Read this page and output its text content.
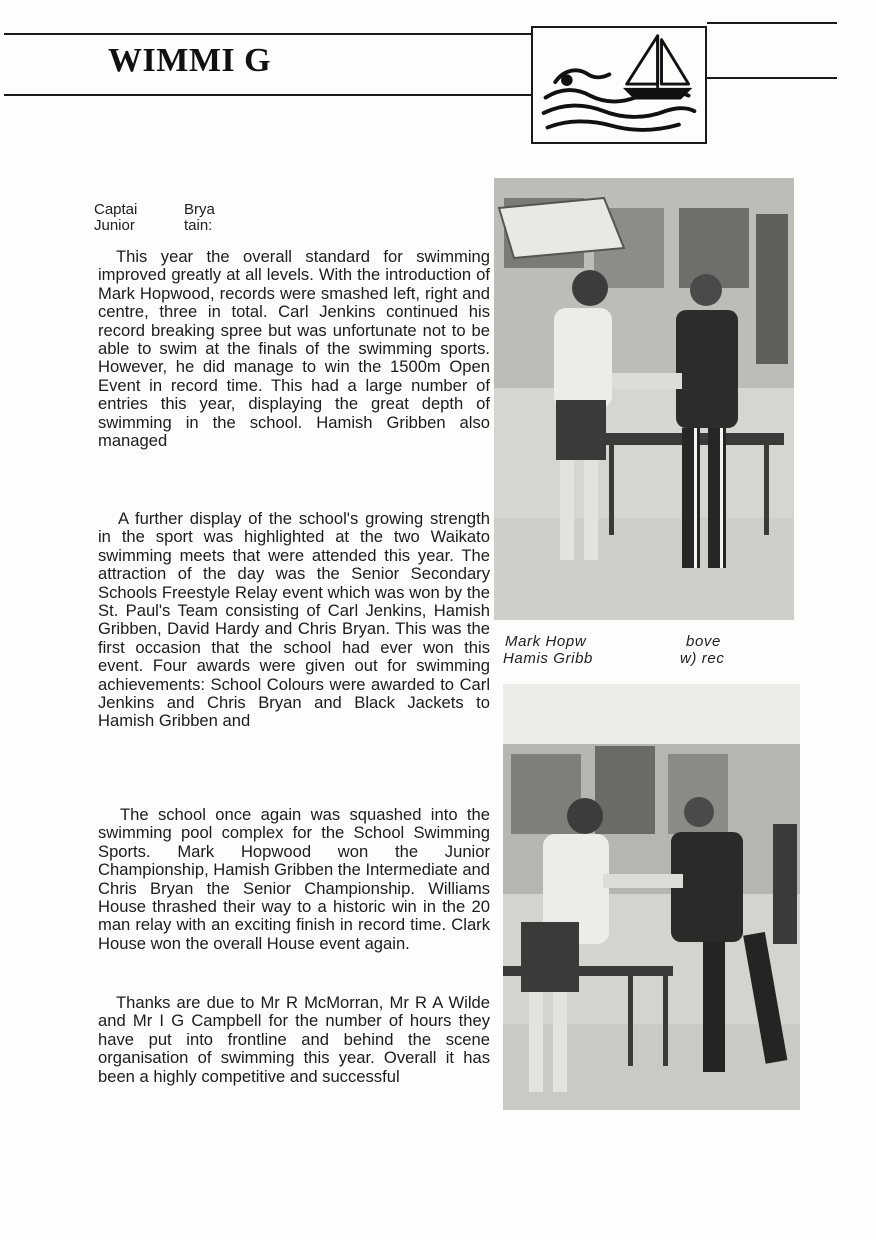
WIMMI G
Captai	Brya
Junior	tain:

This year the overall standard for swimming improved greatly at all levels. With the introduction of Mark Hopwood, records were smashed left, right and centre, three in total. Carl Jenkins continued his record breaking spree but was unfortunate not to be able to swim at the finals of the swimming sports. However, he did manage to win the 1500m Open Event in record time. This had a large number of entries this year, displaying the great depth of swimming in the school. Hamish Gribben also managed

A further display of the school's growing strength in the sport was highlighted at the two Waikato swimming meets that were attended this year. The attraction of the day was the Senior Secondary Schools Freestyle Relay event which was won by the St. Paul's Team consisting of Carl Jenkins, Hamish Gribben, David Hardy and Chris Bryan. This was the first occasion that the school had ever won this event. Four awards were given out for swimming achievements: School Colours were awarded to Carl Jenkins and Chris Bryan and Black Jackets to Hamish Gribben and

The school once again was squashed into the swimming pool complex for the School Swimming Sports. Mark Hopwood won the Junior Championship, Hamish Gribben the Intermediate and Chris Bryan the Senior Championship. Williams House thrashed their way to a historic win in the 20 man relay with an exciting finish in record time. Clark House won the overall House event again.

Thanks are due to Mr R McMorran, Mr R A Wilde and Mr I G Campbell for the number of hours they have put into frontline and behind the scene organisation of swimming this year. Overall it has been a highly competitive and successful

Mark Hopw
Hamis Gribb
bove
w) rec
